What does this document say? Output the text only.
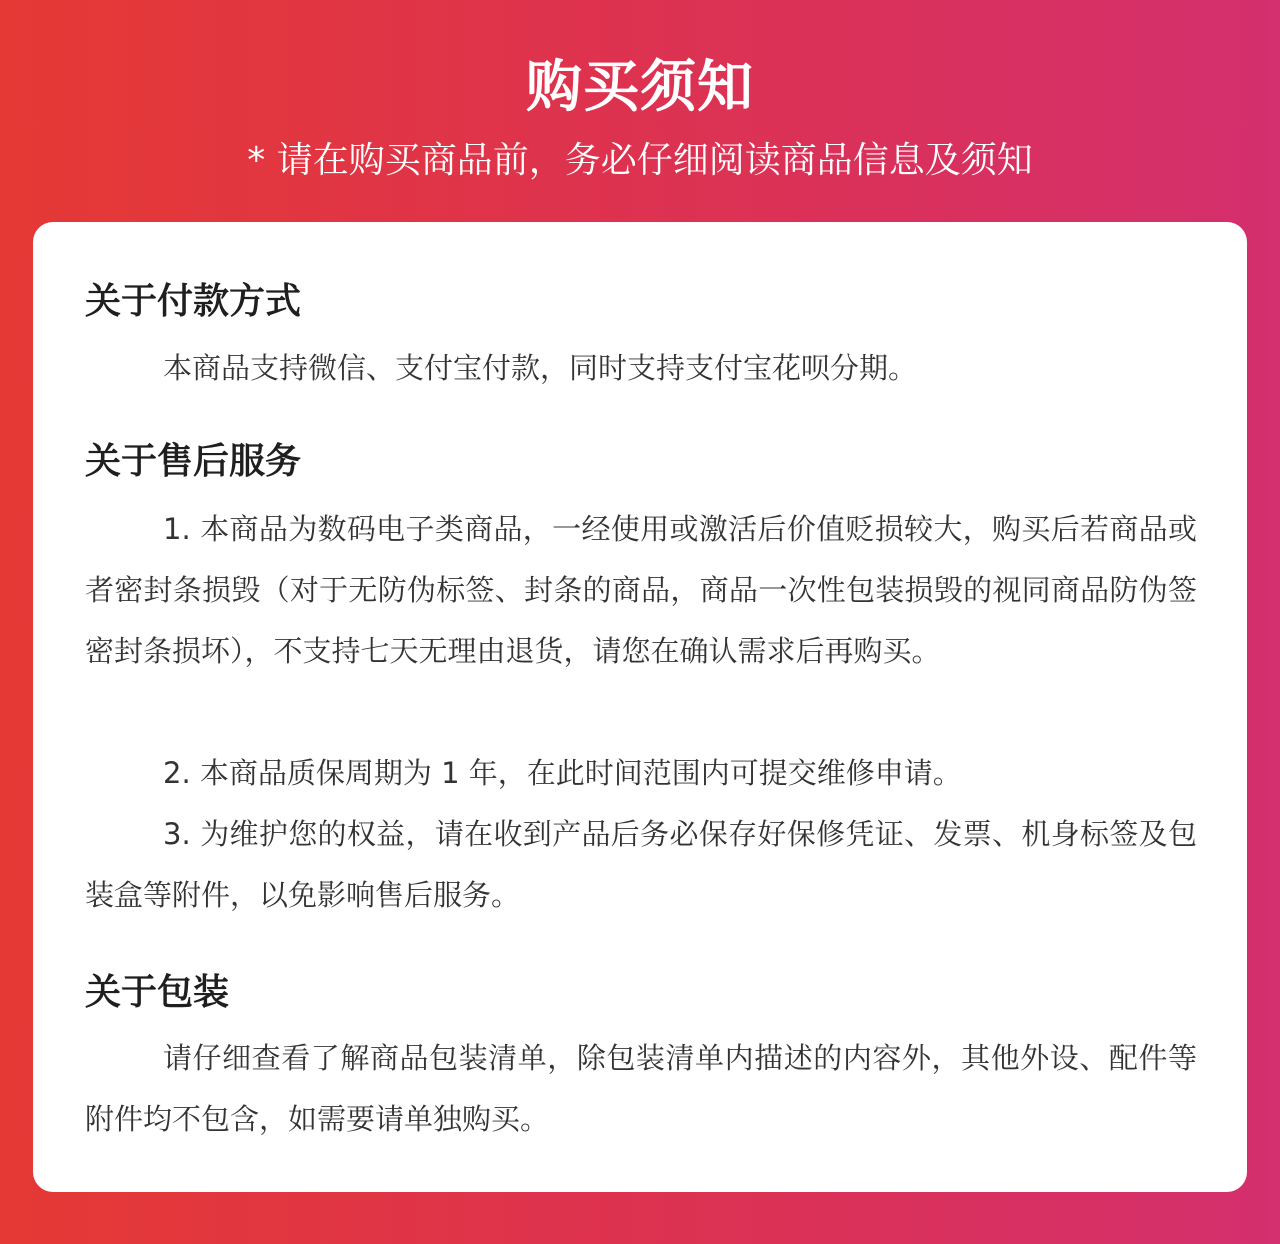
购买须知
* 请在购买商品前，务必仔细阅读商品信息及须知
关于付款方式

本商品支持微信、支付宝付款，同时支持支付宝花呗分期。

关于售后服务

1. 本商品为数码电子类商品，一经使用或激活后价值贬损较大，购买后若商品或者密封条损毁（对于无防伪标签、封条的商品，商品一次性包装损毁的视同商品防伪签密封条损坏），不支持七天无理由退货，请您在确认需求后再购买。

2. 本商品质保周期为 1 年，在此时间范围内可提交维修申请。

3. 为维护您的权益，请在收到产品后务必保存好保修凭证、发票、机身标签及包装盒等附件，以免影响售后服务。

关于包装

请仔细查看了解商品包装清单，除包装清单内描述的内容外，其他外设、配件等附件均不包含，如需要请单独购买。
